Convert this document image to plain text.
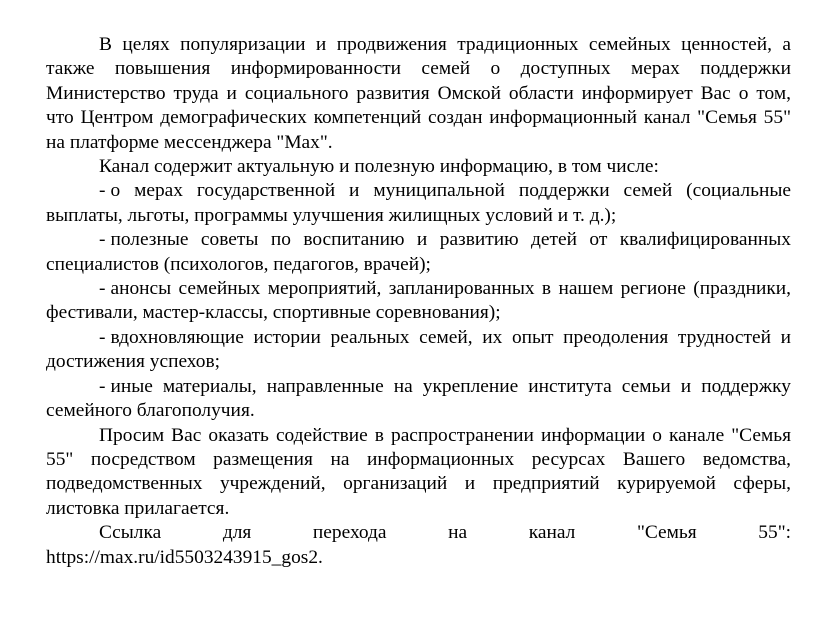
В целях популяризации и продвижения традиционных семейных ценностей, а также повышения информированности семей о доступных мерах поддержки Министерство труда и социального развития Омской области информирует Вас о том, что Центром демографических компетенций создан информационный канал "Семья 55" на платформе мессенджера "Max".

Канал содержит актуальную и полезную информацию, в том числе:

- о мерах государственной и муниципальной поддержки семей (социальные выплаты, льготы, программы улучшения жилищных условий и т. д.);

- полезные советы по воспитанию и развитию детей от квалифицированных специалистов (психологов, педагогов, врачей);

- анонсы семейных мероприятий, запланированных в нашем регионе (праздники, фестивали, мастер-классы, спортивные соревнования);

- вдохновляющие истории реальных семей, их опыт преодоления трудностей и достижения успехов;

- иные материалы, направленные на укрепление института семьи и поддержку семейного благополучия.

Просим Вас оказать содействие в распространении информации о канале "Семья 55" посредством размещения на информационных ресурсах Вашего ведомства, подведомственных учреждений, организаций и предприятий курируемой сферы, листовка прилагается.

Ссылка для перехода на канал "Семья 55":

https://max.ru/id5503243915_gos2.
